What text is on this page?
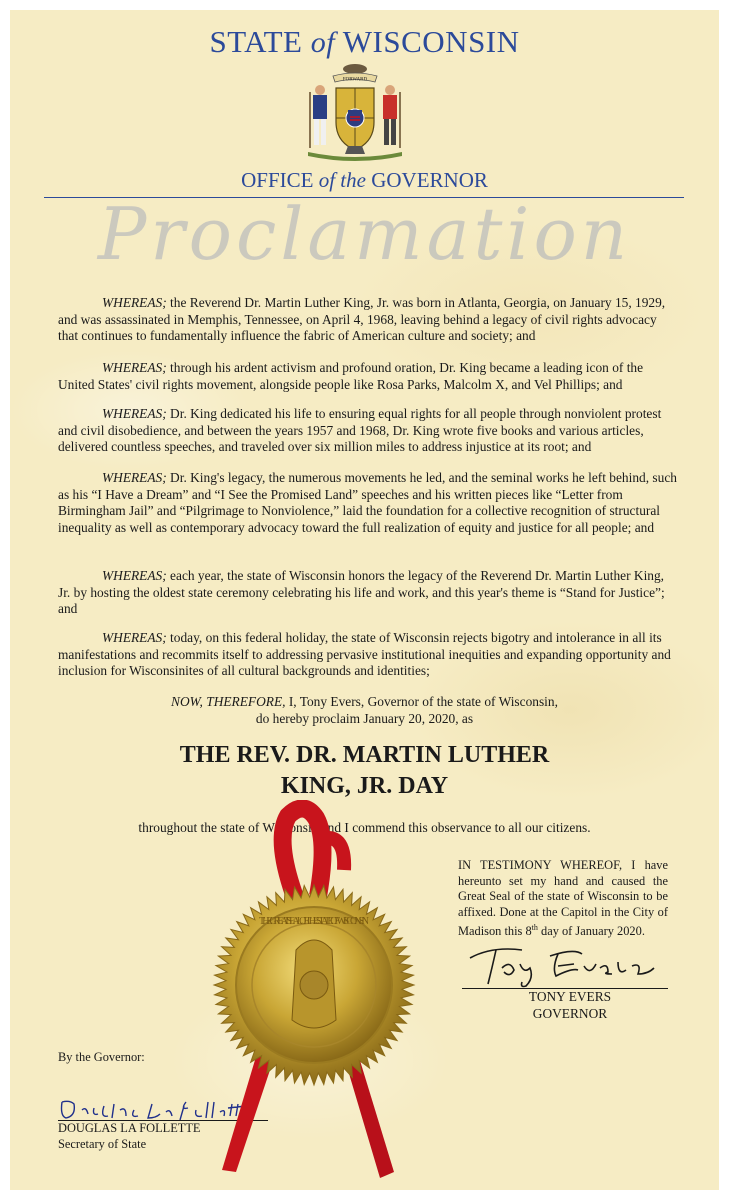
STATE of WISCONSIN
FORWARD
OFFICE of the GOVERNOR
Proclamation

WHEREAS; the Reverend Dr. Martin Luther King, Jr. was born in Atlanta, Georgia, on January 15, 1929, and was assassinated in Memphis, Tennessee, on April 4, 1968, leaving behind a legacy of civil rights advocacy that continues to fundamentally influence the fabric of American culture and society; and

WHEREAS; through his ardent activism and profound oration, Dr. King became a leading icon of the United States' civil rights movement, alongside people like Rosa Parks, Malcolm X, and Vel Phillips; and

WHEREAS; Dr. King dedicated his life to ensuring equal rights for all people through nonviolent protest and civil disobedience, and between the years 1957 and 1968, Dr. King wrote five books and various articles, delivered countless speeches, and traveled over six million miles to address injustice at its root; and

WHEREAS; Dr. King's legacy, the numerous movements he led, and the seminal works he left behind, such as his “I Have a Dream” and “I See the Promised Land” speeches and his written pieces like “Letter from Birmingham Jail” and “Pilgrimage to Nonviolence,” laid the foundation for a collective recognition of structural inequality as well as contemporary advocacy toward the full realization of equity and justice for all people; and

WHEREAS; each year, the state of Wisconsin honors the legacy of the Reverend Dr. Martin Luther King, Jr. by hosting the oldest state ceremony celebrating his life and work, and this year's theme is “Stand for Justice”; and

WHEREAS; today, on this federal holiday, the state of Wisconsin rejects bigotry and intolerance in all its manifestations and recommits itself to addressing pervasive institutional inequities and expanding opportunity and inclusion for Wisconsinites of all cultural backgrounds and identities;

NOW, THEREFORE, I, Tony Evers, Governor of the state of Wisconsin,
do hereby proclaim January 20, 2020, as
THE REV. DR. MARTIN LUTHER
KING, JR. DAY
throughout the state of Wisconsin and I commend this observance to all our citizens.
IN TESTIMONY WHEREOF, I have hereunto set my hand and caused the Great Seal of the state of Wisconsin to be affixed. Done at the Capitol in the City of Madison this 8th day of January 2020.
TONY EVERS
GOVERNOR
By the Governor:
DOUGLAS LA FOLLETTE
Secretary of State
THE GREAT SEAL OF THE STATE OF WISCONSIN
